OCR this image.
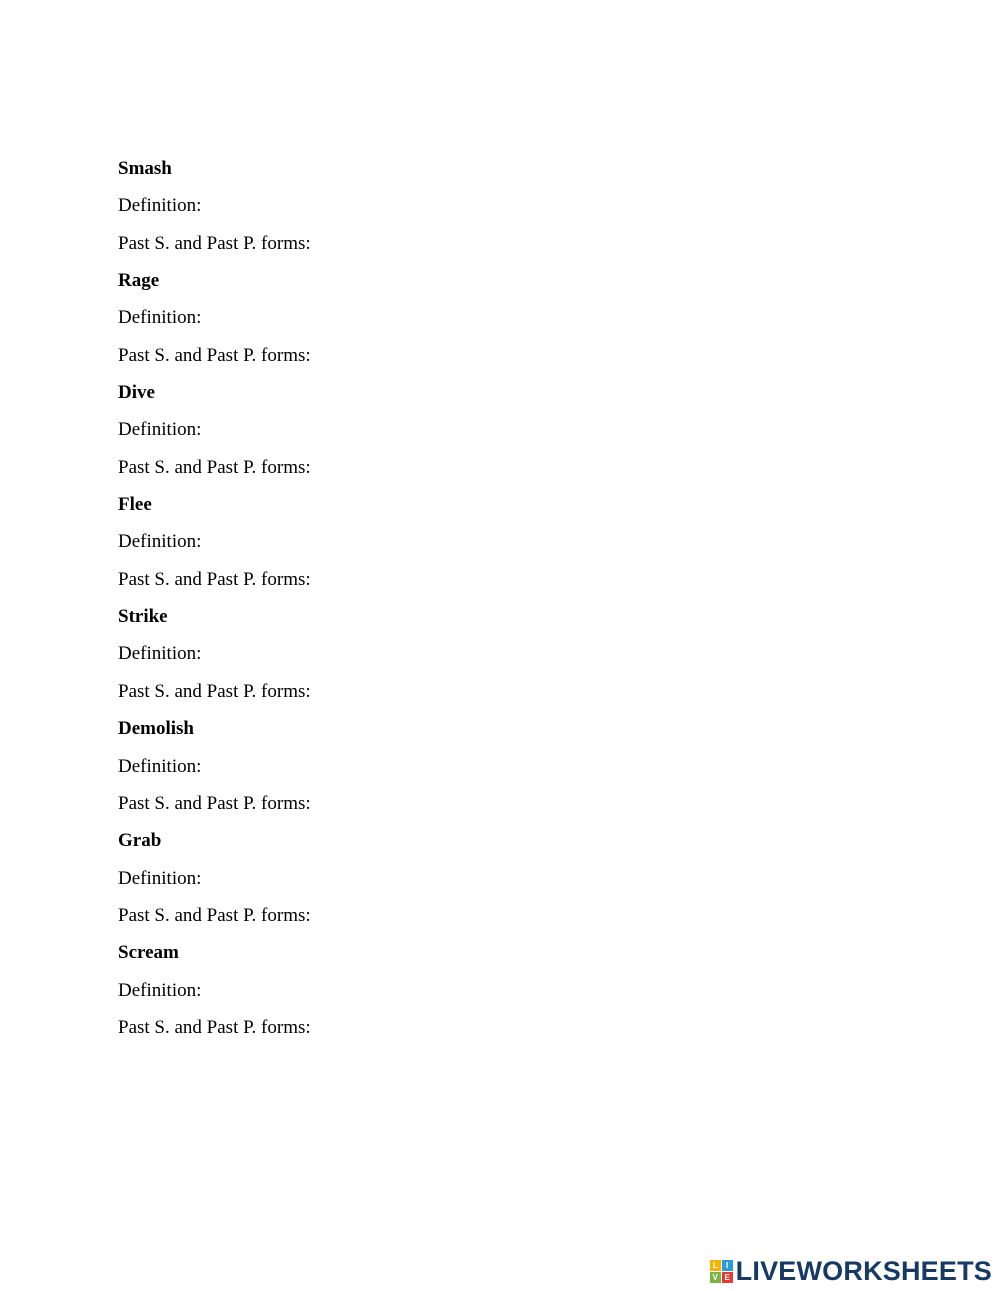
Smash
Definition:
Past S. and Past P. forms:
Rage
Definition:
Past S. and Past P. forms:
Dive
Definition:
Past S. and Past P. forms:
Flee
Definition:
Past S. and Past P. forms:
Strike
Definition:
Past S. and Past P. forms:
Demolish
Definition:
Past S. and Past P. forms:
Grab
Definition:
Past S. and Past P. forms:
Scream
Definition:
Past S. and Past P. forms:
L	I
V E LIVEWORKSHEETS
